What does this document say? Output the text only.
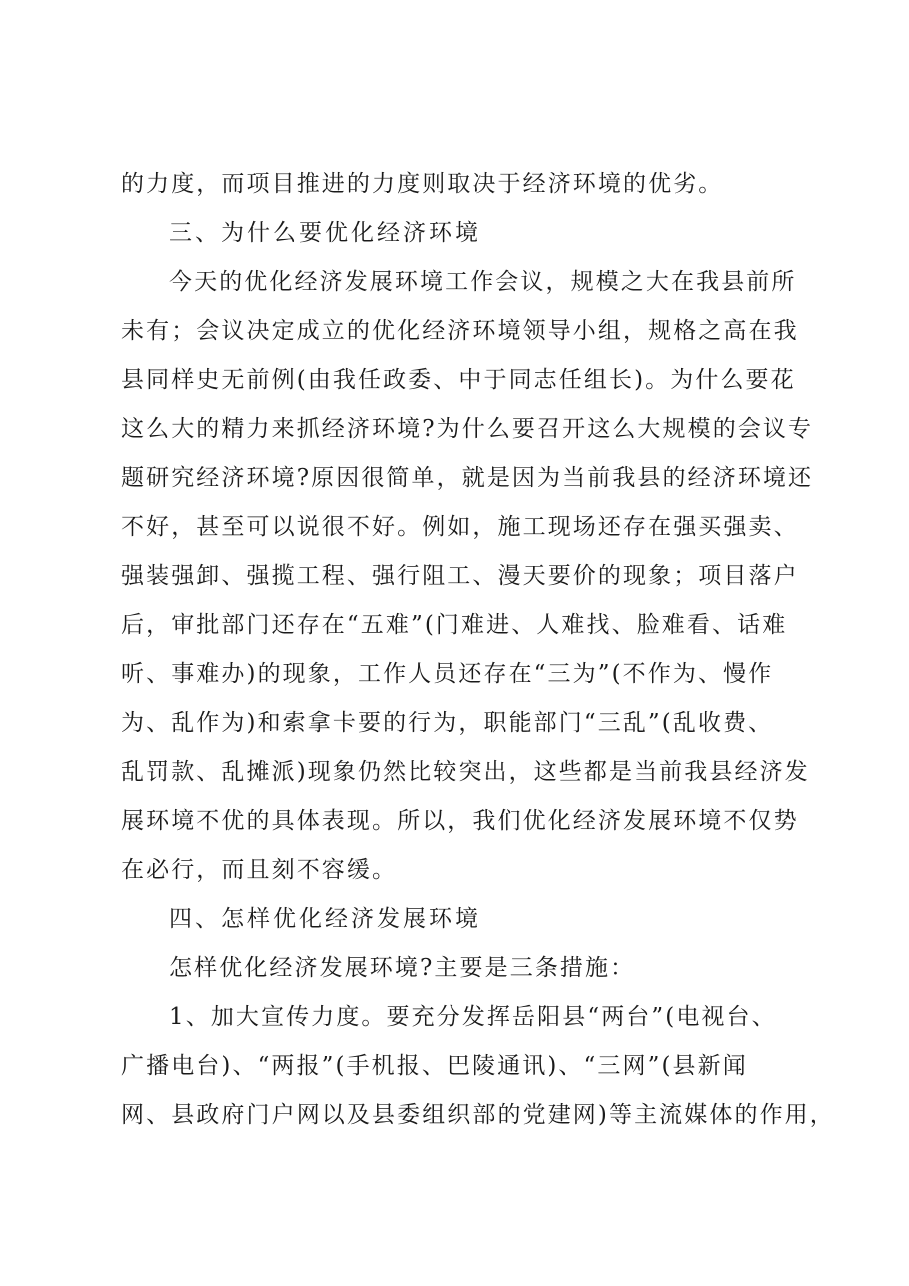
的力度，而项目推进的力度则取决于经济环境的优劣。
三、为什么要优化经济环境
今天的优化经济发展环境工作会议，规模之大在我县前所
未有；会议决定成立的优化经济环境领导小组，规格之高在我
县同样史无前例(由我任政委、中于同志任组长)。为什么要花
这么大的精力来抓经济环境?为什么要召开这么大规模的会议专
题研究经济环境?原因很简单，就是因为当前我县的经济环境还
不好，甚至可以说很不好。例如，施工现场还存在强买强卖、
强装强卸、强揽工程、强行阻工、漫天要价的现象；项目落户
后，审批部门还存在“五难”(门难进、人难找、脸难看、话难
听、事难办)的现象，工作人员还存在“三为”(不作为、慢作
为、乱作为)和索拿卡要的行为，职能部门“三乱”(乱收费、
乱罚款、乱摊派)现象仍然比较突出，这些都是当前我县经济发
展环境不优的具体表现。所以，我们优化经济发展环境不仅势
在必行，而且刻不容缓。
四、怎样优化经济发展环境
怎样优化经济发展环境?主要是三条措施：
1、加大宣传力度。要充分发挥岳阳县“两台”(电视台、
广播电台)、“两报”(手机报、巴陵通讯)、“三网”(县新闻
网、县政府门户网以及县委组织部的党建网)等主流媒体的作用，
